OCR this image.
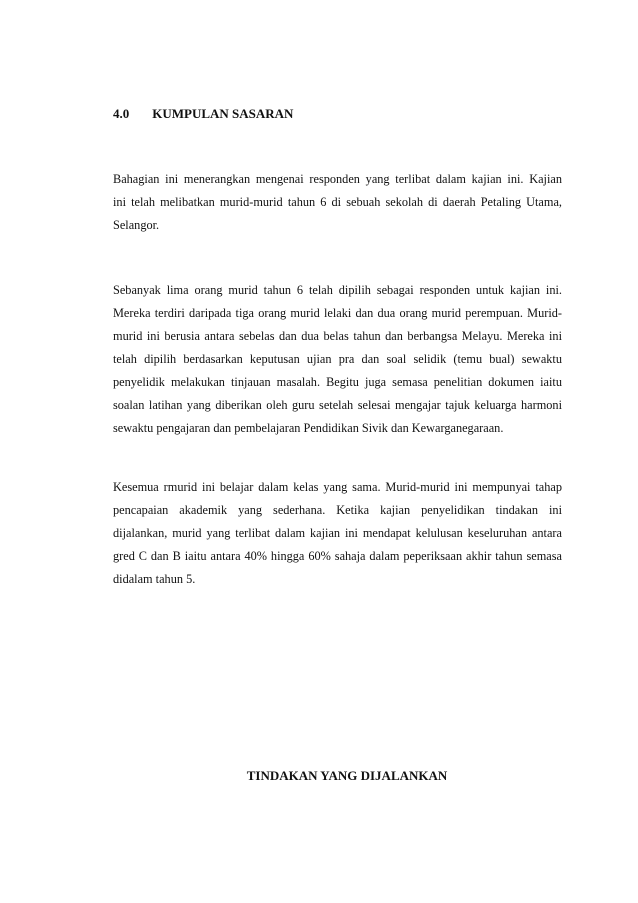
4.0 KUMPULAN SASARAN

Bahagian ini menerangkan mengenai responden yang terlibat dalam kajian ini. Kajian
ini telah melibatkan murid-murid tahun 6 di sebuah sekolah di daerah Petaling Utama,
Selangor.

Sebanyak lima orang murid tahun 6 telah dipilih sebagai responden untuk kajian ini.
Mereka terdiri daripada tiga orang murid lelaki dan dua orang murid perempuan. Murid-
murid ini berusia antara sebelas dan dua belas tahun dan berbangsa Melayu. Mereka ini
telah dipilih berdasarkan keputusan ujian pra dan soal selidik (temu bual) sewaktu
penyelidik melakukan tinjauan masalah. Begitu juga semasa penelitian dokumen iaitu
soalan latihan yang diberikan oleh guru setelah selesai mengajar tajuk keluarga harmoni
sewaktu pengajaran dan pembelajaran Pendidikan Sivik dan Kewarganegaraan.

Kesemua rmurid ini belajar dalam kelas yang sama. Murid-murid ini mempunyai tahap
pencapaian akademik yang sederhana. Ketika kajian penyelidikan tindakan ini
dijalankan, murid yang terlibat dalam kajian ini mendapat kelulusan keseluruhan antara
gred C dan B iaitu antara 40% hingga 60% sahaja dalam peperiksaan akhir tahun semasa
didalam tahun 5.

TINDAKAN YANG DIJALANKAN
